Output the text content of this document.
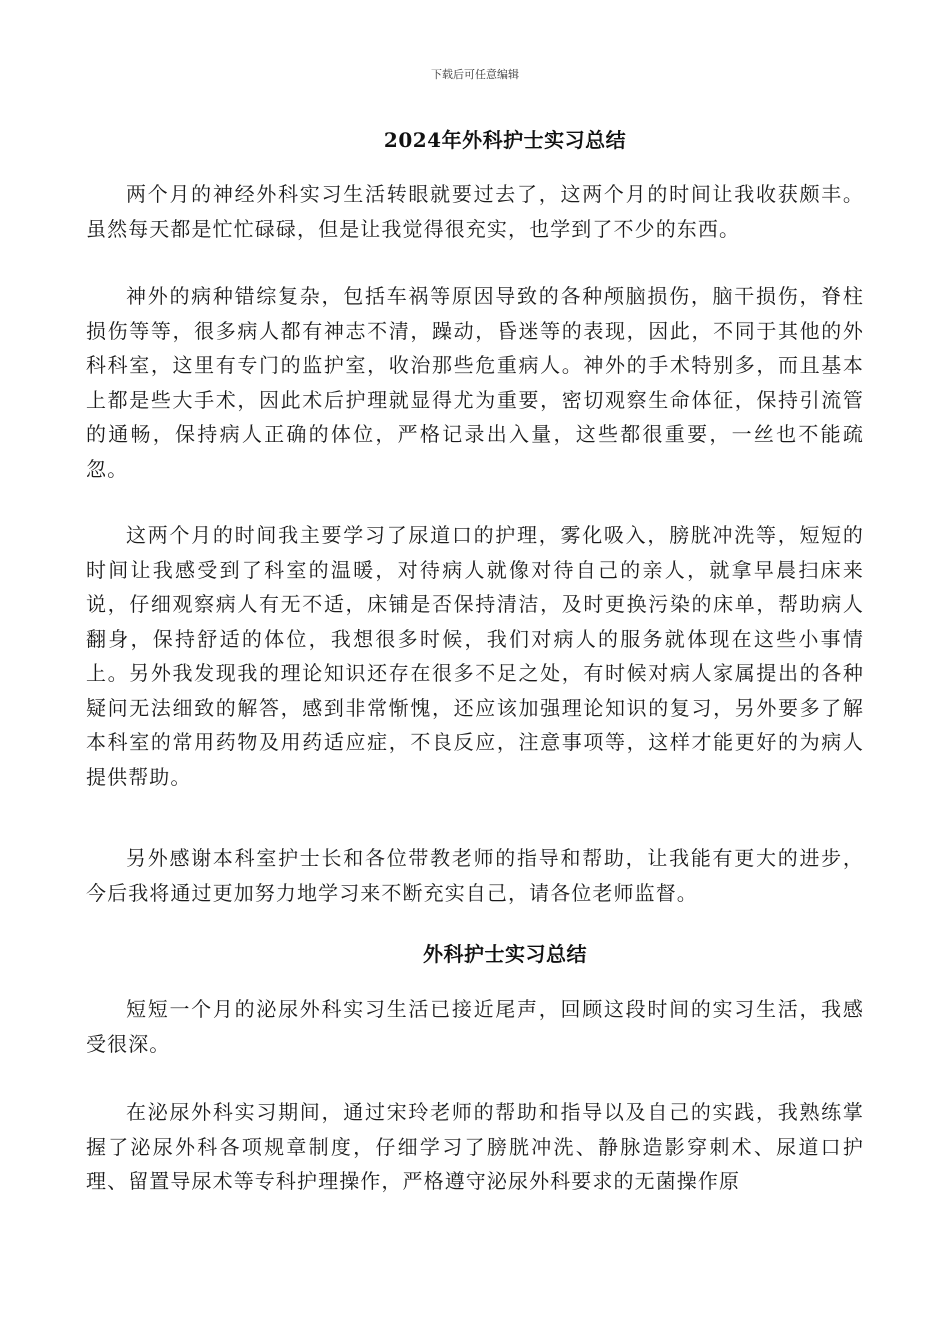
下载后可任意编辑
2024年外科护士实习总结

两个月的神经外科实习生活转眼就要过去了，这两个月的时间让我收获颇丰。虽然每天都是忙忙碌碌，但是让我觉得很充实，也学到了不少的东西。

神外的病种错综复杂，包括车祸等原因导致的各种颅脑损伤，脑干损伤，脊柱损伤等等，很多病人都有神志不清，躁动，昏迷等的表现，因此，不同于其他的外科科室，这里有专门的监护室，收治那些危重病人。神外的手术特别多，而且基本上都是些大手术，因此术后护理就显得尤为重要，密切观察生命体征，保持引流管的通畅，保持病人正确的体位，严格记录出入量，这些都很重要，一丝也不能疏忽。

这两个月的时间我主要学习了尿道口的护理，雾化吸入，膀胱冲洗等，短短的时间让我感受到了科室的温暖，对待病人就像对待自己的亲人，就拿早晨扫床来说，仔细观察病人有无不适，床铺是否保持清洁，及时更换污染的床单，帮助病人翻身，保持舒适的体位，我想很多时候，我们对病人的服务就体现在这些小事情上。另外我发现我的理论知识还存在很多不足之处，有时候对病人家属提出的各种疑问无法细致的解答，感到非常惭愧，还应该加强理论知识的复习，另外要多了解本科室的常用药物及用药适应症，不良反应，注意事项等，这样才能更好的为病人提供帮助。

另外感谢本科室护士长和各位带教老师的指导和帮助，让我能有更大的进步，今后我将通过更加努力地学习来不断充实自己，请各位老师监督。

外科护士实习总结

短短一个月的泌尿外科实习生活已接近尾声，回顾这段时间的实习生活，我感受很深。

在泌尿外科实习期间，通过宋玲老师的帮助和指导以及自己的实践，我熟练掌握了泌尿外科各项规章制度，仔细学习了膀胱冲洗、静脉造影穿刺术、尿道口护理、留置导尿术等专科护理操作，严格遵守泌尿外科要求的无菌操作原
